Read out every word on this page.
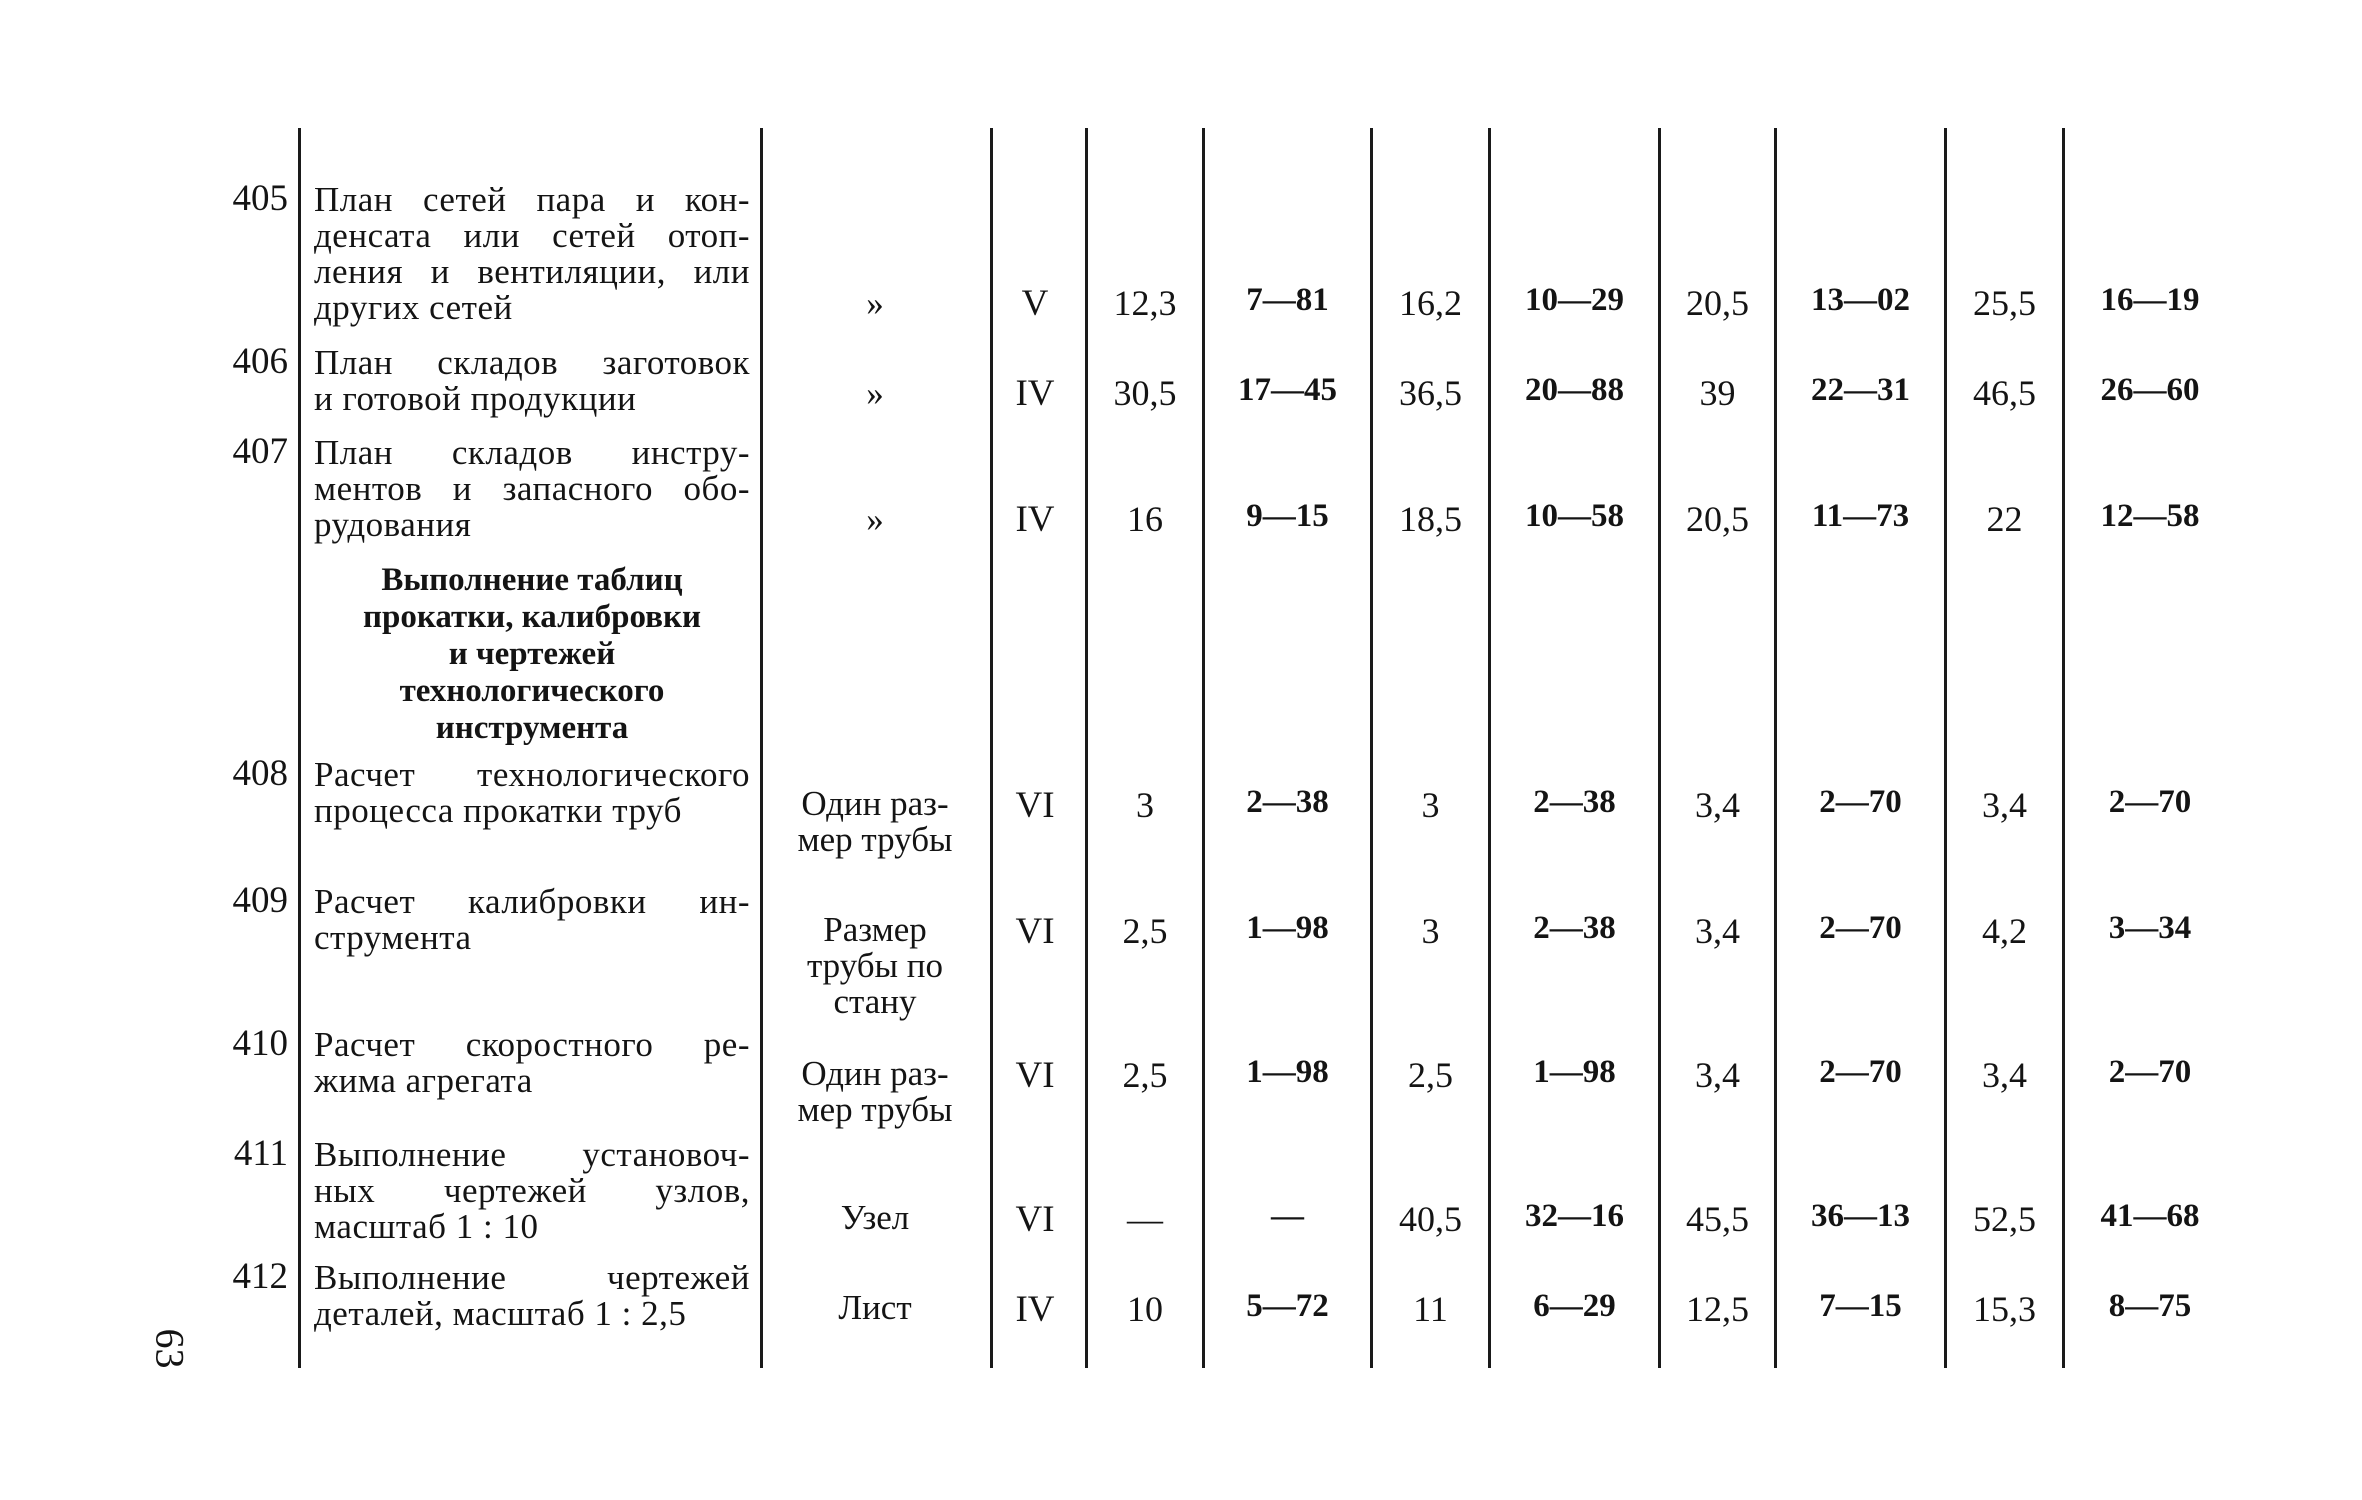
405 План сетей пара и кон-
денсата или сетей отоп-
ления и вентиляции, или
других сетей	»	V	12,3	7—81	16,2	10—29	20,5	13—02	25,5	16—19
406 План складов заготовок
и готовой продукции	»	IV	30,5	17—45	36,5	20—88	39	22—31	46,5	26—60
407 План складов инстру-
ментов и запасного обо-
рудования	»	IV	16	9—15	18,5	10—58	20,5	11—73	22	12—58
Выполнение таблиц
прокатки, калибровки
и чертежей
технологического
инструмента
408 Расчет технологического
процесса прокатки труб	Один раз-
мер трубы
VI	3	2—38	3	2—38	3,4	2—70	3,4	2—70
409 Расчет калибровки ин-
струмента	Размер
трубы по
стану
VI	2,5	1—98	3	2—38	3,4	2—70	4,2	3—34
410 Расчет скоростного ре-
жима агрегата	Один раз-
мер трубы
VI	2,5	1—98	2,5	1—98	3,4	2—70	3,4	2—70
411 Выполнение установоч-
ных чертежей узлов,
масштаб 1 : 10	Узел	VI	—	—	40,5	32—16	45,5	36—13	52,5	41—68
412 Выполнение чертежей
деталей, масштаб 1 : 2,5	Лист	IV	10	5—72	11	6—29	12,5	7—15	15,3	8—75
63
